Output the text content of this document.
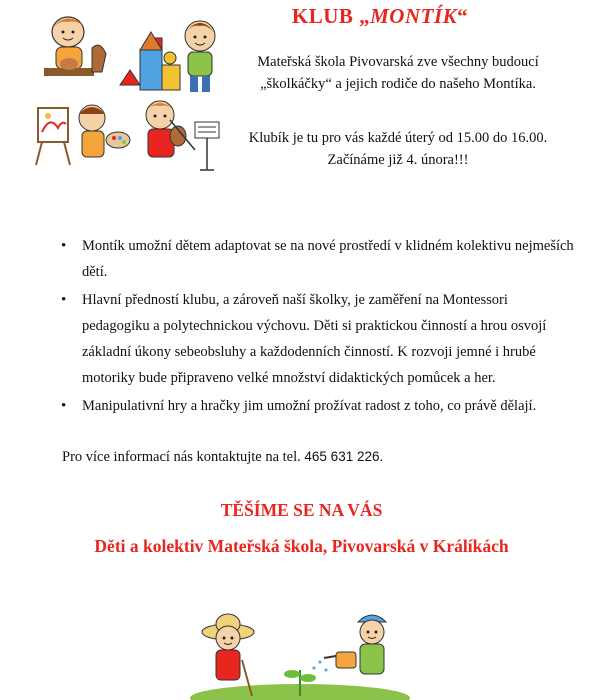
KLUB „MONTÍK“
Mateřská škola Pivovarská zve všechny budoucí
„školkáčky“ a jejich rodiče do našeho Montíka.
Klubík je tu pro vás každé úterý od 15.00 do 16.00.
Začínáme již 4. února!!!
• Montík umožní dětem adaptovat se na nové prostředí v klidném kolektivu nejmeších dětí.
• Hlavní předností klubu, a zároveň naší školky, je zaměření na Montessori pedagogiku a polytechnickou výchovu. Děti si praktickou činností a hrou osvojí základní úkony sebeobsluhy a každodenních činností. K rozvoji jemné i hrubé motoriky bude připraveno velké množství didaktických pomůcek a her.
• Manipulativní hry a hračky jim umožní prožívat radost z toho, co právě dělají.
Pro více informací nás kontaktujte na tel. 465 631 226.
TĚŠÍME SE NA VÁS
Děti a kolektiv Mateřská škola, Pivovarská v Králíkách
